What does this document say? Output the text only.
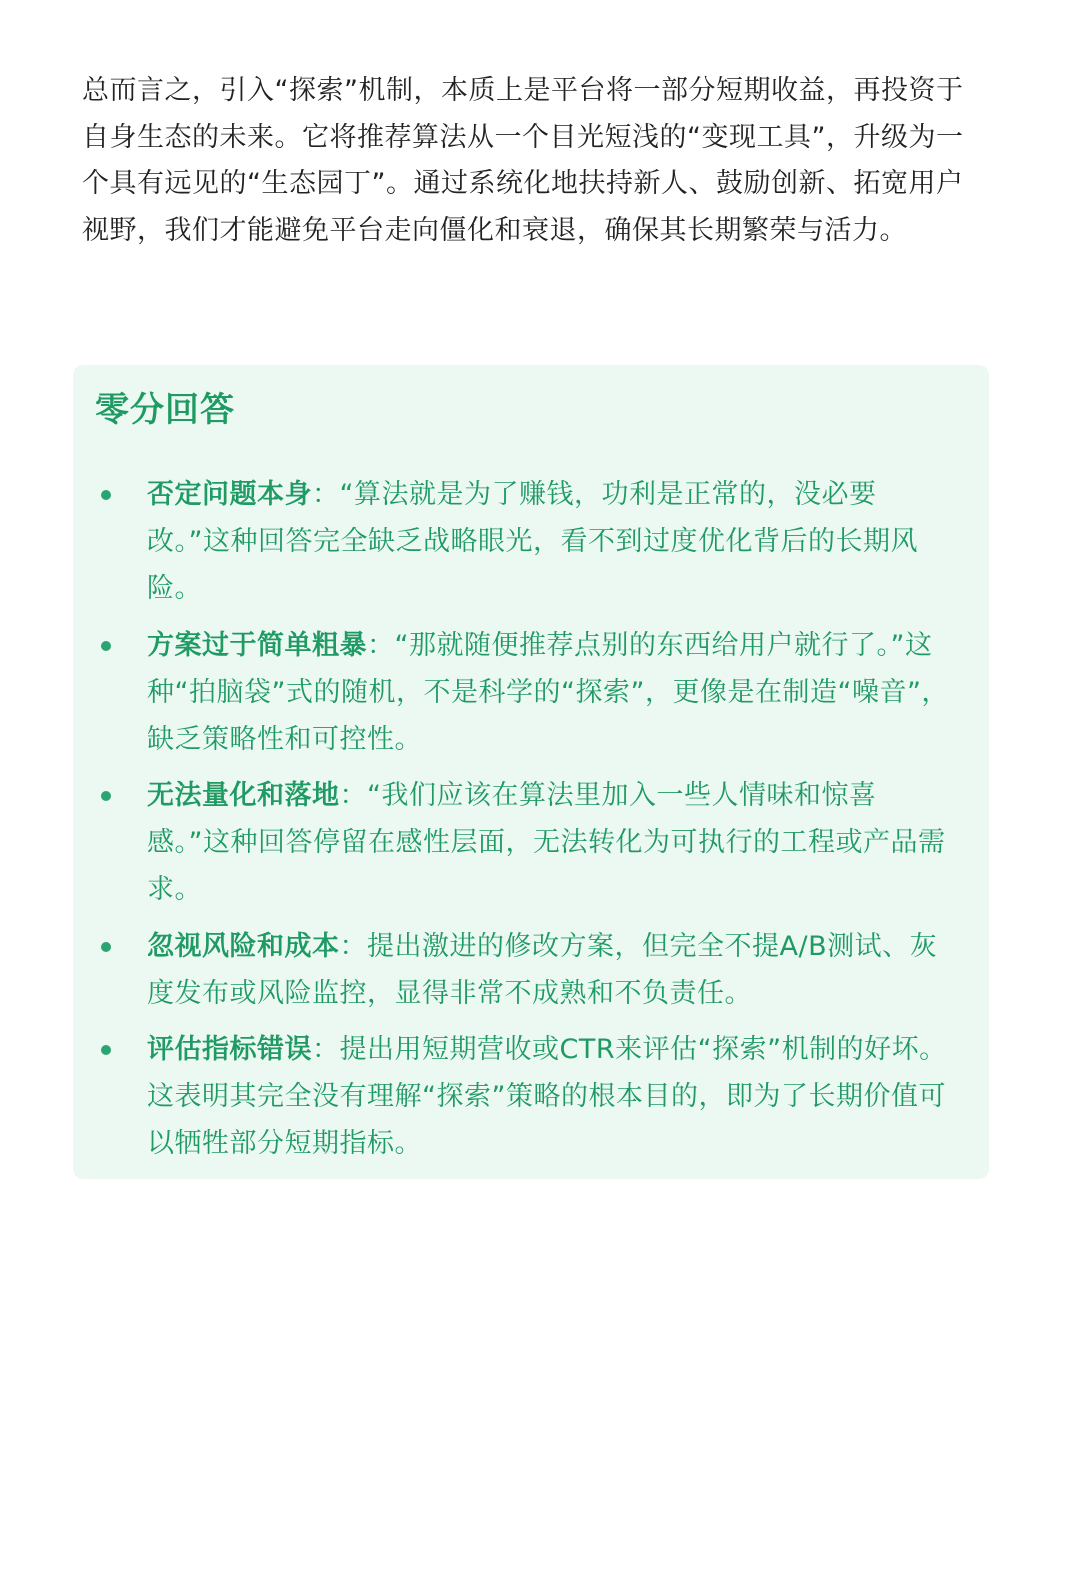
总而言之，引入“探索”机制，本质上是平台将一部分短期收益，再投资于自身生态的未来。它将推荐算法从一个目光短浅的“变现工具”，升级为一个具有远见的“生态园丁”。通过系统化地扶持新人、鼓励创新、拓宽用户视野，我们才能避免平台走向僵化和衰退，确保其长期繁荣与活力。

零分回答
否定问题本身：“算法就是为了赚钱，功利是正常的，没必要改。”这种回答完全缺乏战略眼光，看不到过度优化背后的长期风险。
方案过于简单粗暴：“那就随便推荐点别的东西给用户就行了。”这种“拍脑袋”式的随机，不是科学的“探索”，更像是在制造“噪音”，缺乏策略性和可控性。
无法量化和落地：“我们应该在算法里加入一些人情味和惊喜感。”这种回答停留在感性层面，无法转化为可执行的工程或产品需求。
忽视风险和成本：提出激进的修改方案，但完全不提A/B测试、灰度发布或风险监控，显得非常不成熟和不负责任。
评估指标错误：提出用短期营收或CTR来评估“探索”机制的好坏。这表明其完全没有理解“探索”策略的根本目的，即为了长期价值可以牺牲部分短期指标。
